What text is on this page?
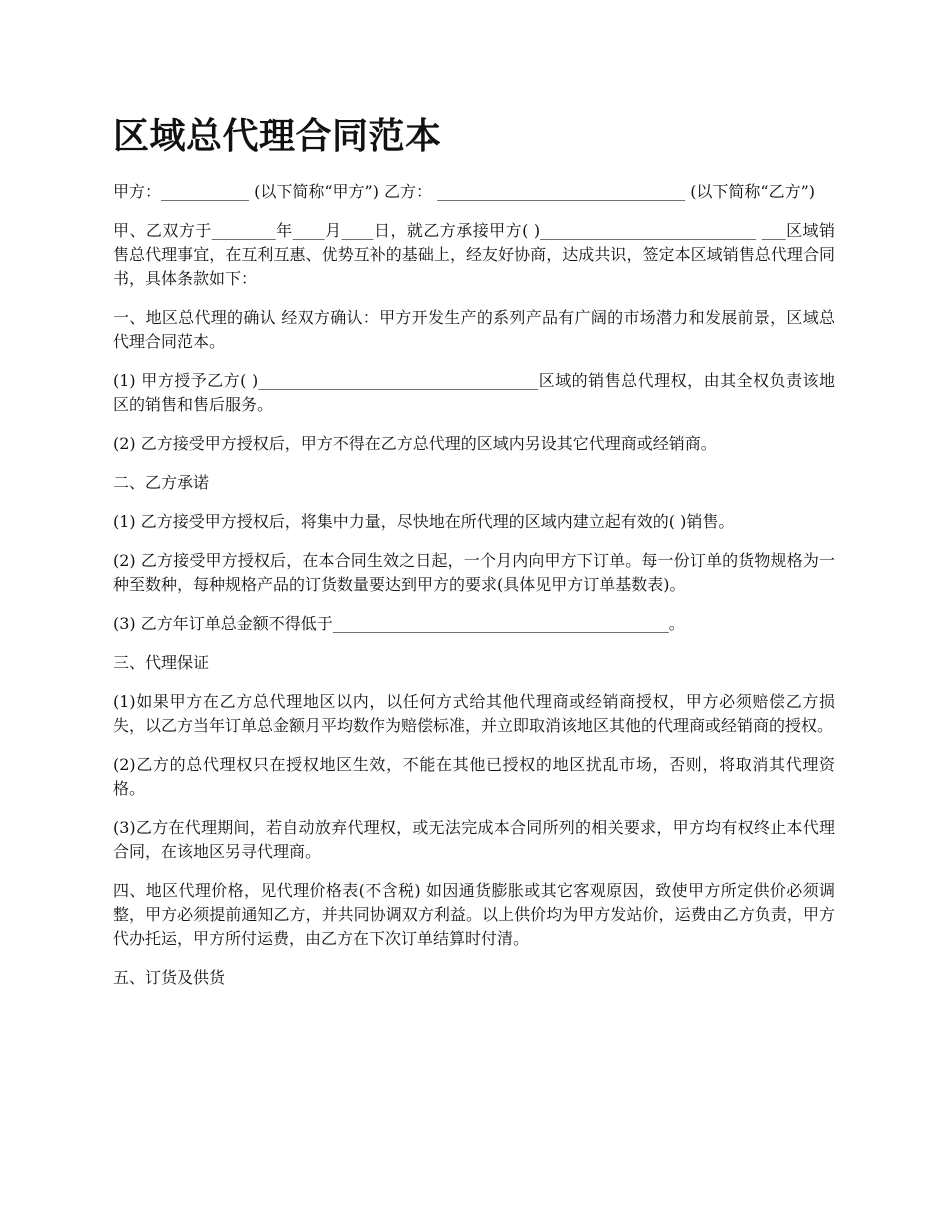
区域总代理合同范本

甲方：___________ (以下简称“甲方”) 乙方： _______________________________ (以下简称“乙方”)

甲、乙双方于________年____月____日，就乙方承接甲方( )___________________________ ___区域销售总代理事宜，在互利互惠、优势互补的基础上，经友好协商，达成共识，签定本区域销售总代理合同书，具体条款如下：

一、地区总代理的确认 经双方确认：甲方开发生产的系列产品有广阔的市场潜力和发展前景，区域总代理合同范本。

(1) 甲方授予乙方( )___________________________________区域的销售总代理权，由其全权负责该地区的销售和售后服务。

(2) 乙方接受甲方授权后，甲方不得在乙方总代理的区域内另设其它代理商或经销商。

二、乙方承诺

(1) 乙方接受甲方授权后，将集中力量，尽快地在所代理的区域内建立起有效的( )销售。

(2) 乙方接受甲方授权后，在本合同生效之日起，一个月内向甲方下订单。每一份订单的货物规格为一种至数种，每种规格产品的订货数量要达到甲方的要求(具体见甲方订单基数表)。

(3) 乙方年订单总金额不得低于__________________________________________。

三、代理保证

(1)如果甲方在乙方总代理地区以内，以任何方式给其他代理商或经销商授权，甲方必须赔偿乙方损失，以乙方当年订单总金额月平均数作为赔偿标准，并立即取消该地区其他的代理商或经销商的授权。

(2)乙方的总代理权只在授权地区生效，不能在其他已授权的地区扰乱市场，否则，将取消其代理资格。

(3)乙方在代理期间，若自动放弃代理权，或无法完成本合同所列的相关要求，甲方均有权终止本代理合同，在该地区另寻代理商。

四、地区代理价格，见代理价格表(不含税) 如因通货膨胀或其它客观原因，致使甲方所定供价必须调整，甲方必须提前通知乙方，并共同协调双方利益。以上供价均为甲方发站价，运费由乙方负责，甲方代办托运，甲方所付运费，由乙方在下次订单结算时付清。

五、订货及供货
